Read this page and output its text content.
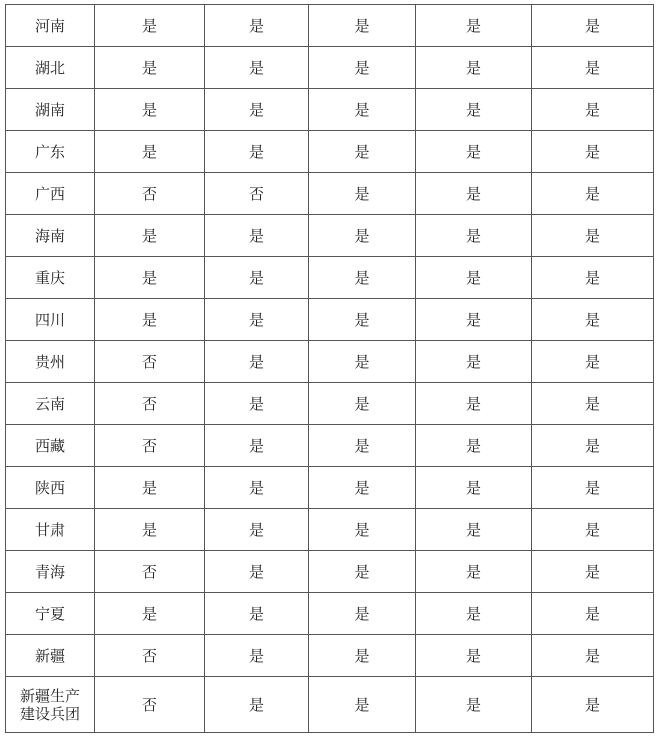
河南	是	是	是	是	是
湖北	是	是	是	是	是
湖南	是	是	是	是	是
广东	是	是	是	是	是
广西	否	否	是	是	是
海南	是	是	是	是	是
重庆	是	是	是	是	是
四川	是	是	是	是	是
贵州	否	是	是	是	是
云南	否	是	是	是	是
西藏	否	是	是	是	是
陕西	是	是	是	是	是
甘肃	是	是	是	是	是
青海	否	是	是	是	是
宁夏	是	是	是	是	是
新疆	否	是	是	是	是
新疆生产
建设兵团	否	是	是	是	是
